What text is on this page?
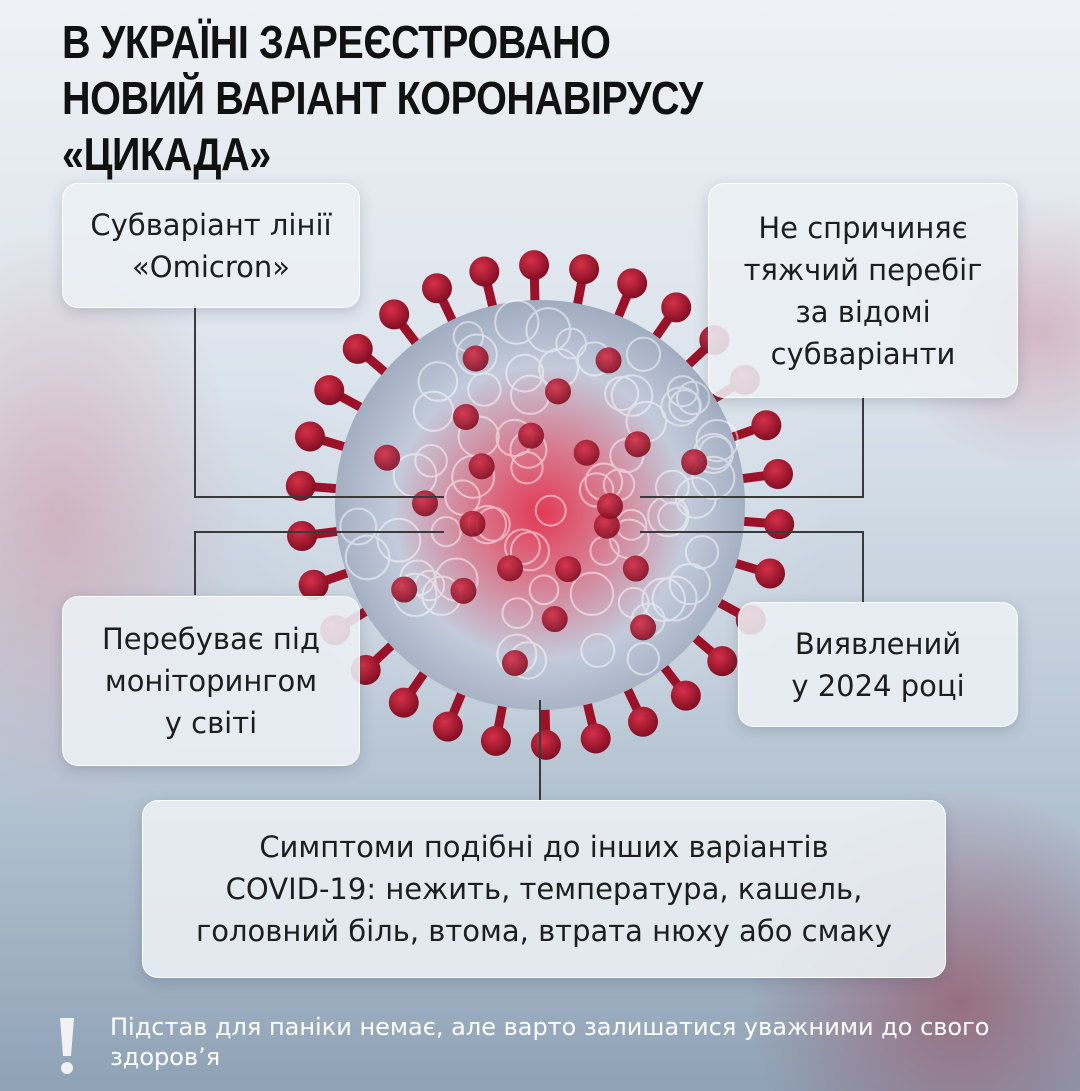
В УКРАЇНІ ЗАРЕЄСТРОВАНО
НОВИЙ ВАРІАНТ КОРОНАВІРУСУ «ЦИКАДА»
Субваріант лінії
«Omicron»
Не спричиняє
тяжчий перебіг
за відомі
субваріанти
Перебуває під
моніторингом
у світі
Виявлений
у 2024 році
Симптоми подібні до інших варіантів
COVID-19: нежить, температура, кашель,
головний біль, втома, втрата нюху або смаку
Підстав для паніки немає, але варто залишатися уважними до свого здоров’я
